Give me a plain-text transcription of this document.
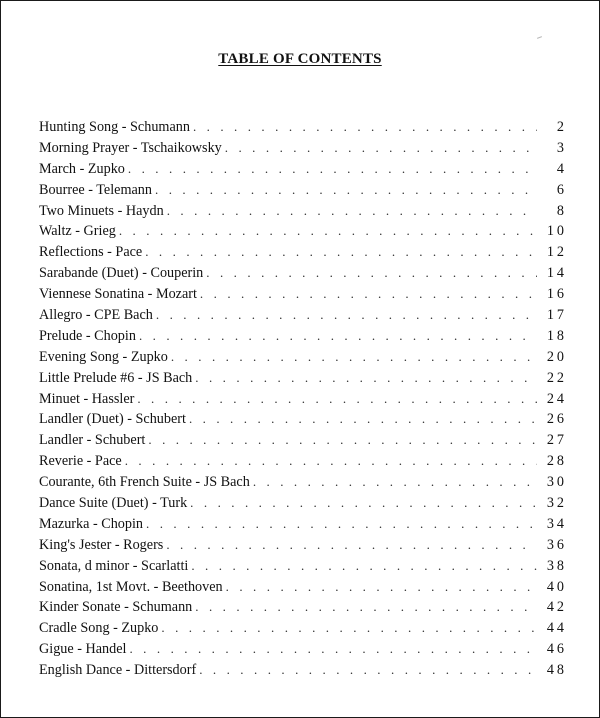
TABLE OF CONTENTS
Hunting Song - Schumann . . .	2
Morning Prayer - Tschaikowsky . . .	3
March - Zupko . . .	4
Bourree - Telemann . . .	6
Two Minuets - Haydn . . .	8
Waltz - Grieg . . .	10
Reflections - Pace . . .	12
Sarabande (Duet) - Couperin . . .	14
Viennese Sonatina - Mozart . . .	16
Allegro - CPE Bach . . .	17
Prelude - Chopin . . .	18
Evening Song - Zupko . . .	20
Little Prelude #6 - JS Bach . . .	22
Minuet - Hassler . . .	24
Landler (Duet) - Schubert . . .	26
Landler - Schubert . . .	27
Reverie - Pace . . .	28
Courante, 6th French Suite - JS Bach . . .	30
Dance Suite (Duet) - Turk . . .	32
Mazurka - Chopin . . .	34
King's Jester - Rogers . . .	36
Sonata, d minor - Scarlatti . . .	38
Sonatina, 1st Movt. - Beethoven . . .	40
Kinder Sonate - Schumann . . .	42
Cradle Song - Zupko . . .	44
Gigue - Handel . . .	46
English Dance - Dittersdorf . . .	48
